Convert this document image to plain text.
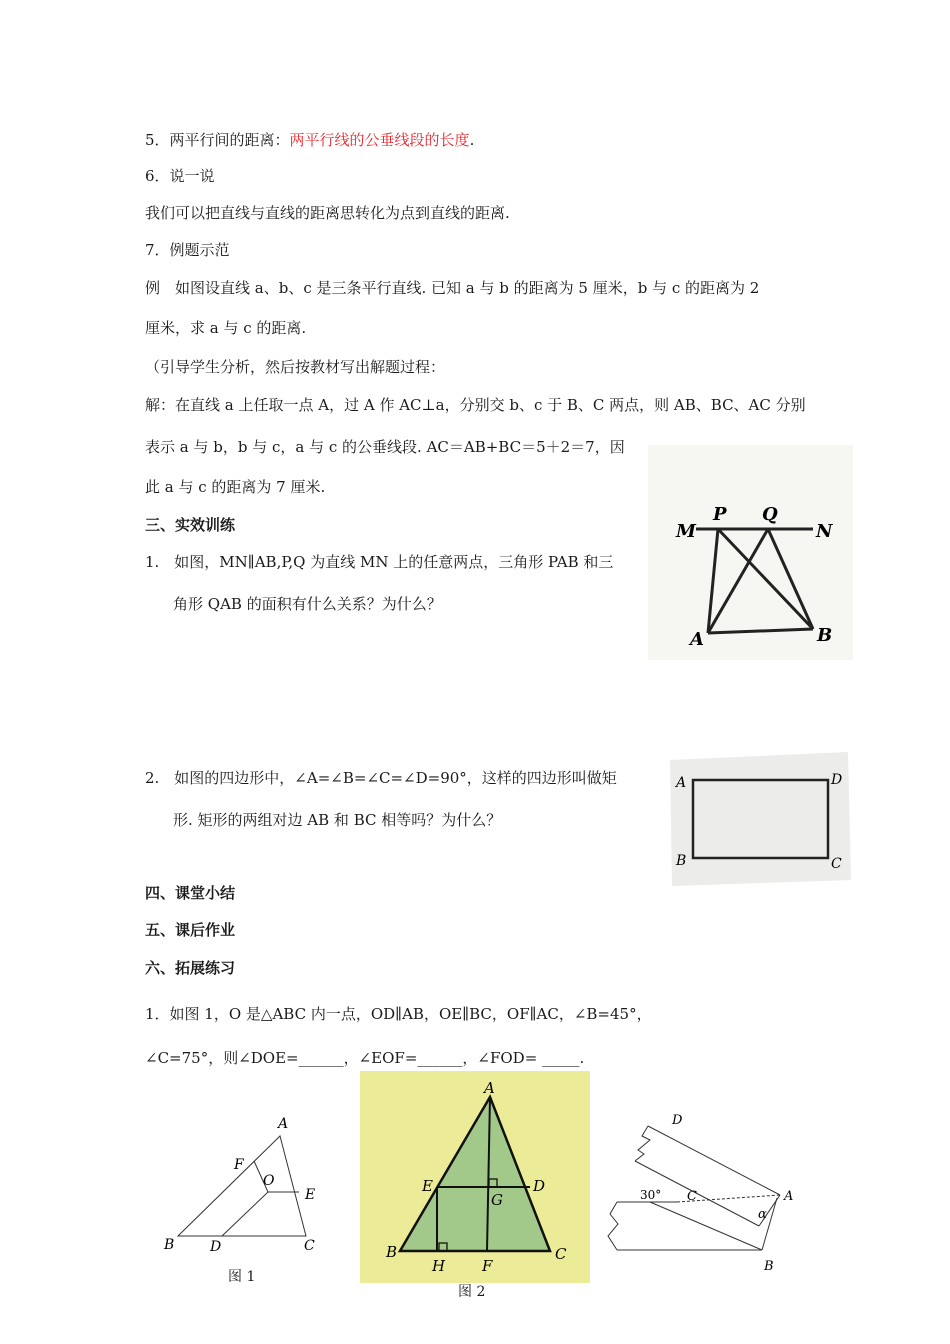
5．两平行间的距离：两平行线的公垂线段的长度.
6．说一说
我们可以把直线与直线的距离思转化为点到直线的距离.
7．例题示范
例　如图设直线 a、b、c 是三条平行直线. 已知 a 与 b 的距离为 5 厘米，b 与 c 的距离为 2
厘米，求 a 与 c 的距离.
（引导学生分析，然后按教材写出解题过程：
解：在直线 a 上任取一点 A，过 A 作 AC⊥a，分别交 b、c 于 B、C 两点，则 AB、BC、AC 分别
表示 a 与 b，b 与 c，a 与 c 的公垂线段. AC＝AB+BC＝5＋2＝7，因
此 a 与 c 的距离为 7 厘米.
三、实效训练
1.　如图，MN∥AB,P,Q 为直线 MN 上的任意两点，三角形 PAB 和三
角形 QAB 的面积有什么关系？为什么？
2.　如图的四边形中，∠A=∠B=∠C=∠D=90°，这样的四边形叫做矩
形. 矩形的两组对边 AB 和 BC 相等吗？为什么？
四、课堂小结
五、课后作业
六、拓展练习
1．如图 1，O 是△ABC 内一点，OD∥AB，OE∥BC，OF∥AC，∠B=45°，
∠C=75°，则∠DOE=______，∠EOF=______，∠FOD= _____.
M
P Q
N
A	B
A	D
B	C
A
F
O
E
B	D	C
图 1
A
E
G
D
B
H F
C
图 2
D
30° C	A
α
B
